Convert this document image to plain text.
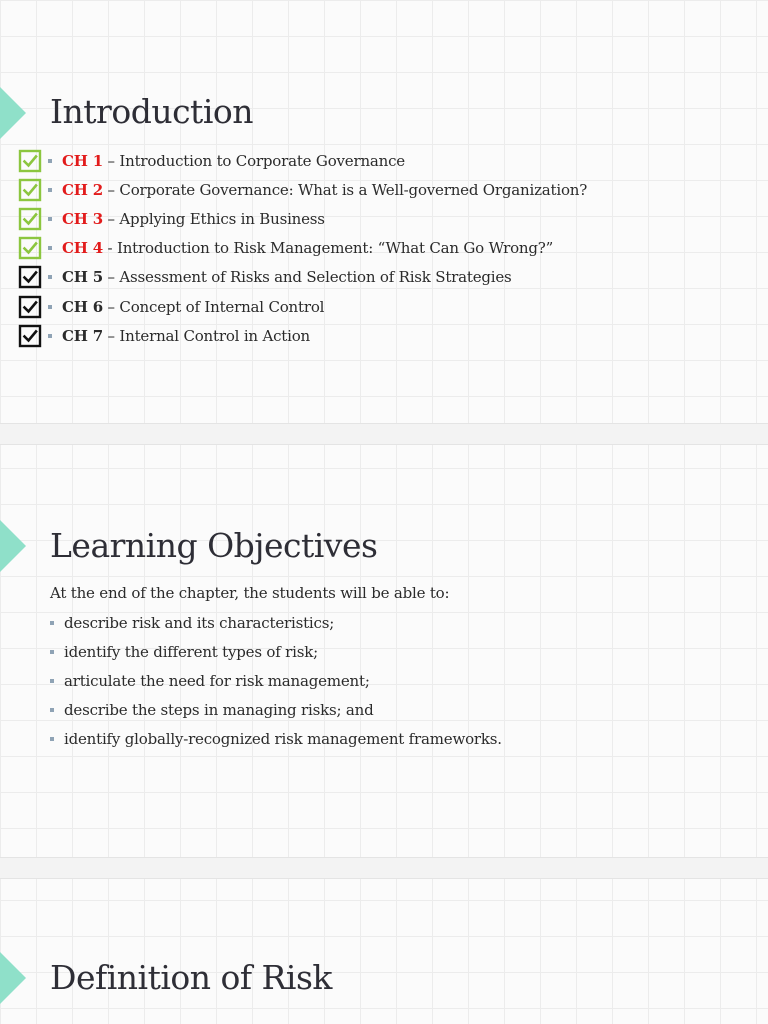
Introduction
CH 1 – Introduction to Corporate Governance
CH 2 – Corporate Governance: What is a Well-governed Organization?
CH 3 – Applying Ethics in Business
CH 4 - Introduction to Risk Management: “What Can Go Wrong?”
CH 5 – Assessment of Risks and Selection of Risk Strategies
CH 6 – Concept of Internal Control
CH 7 – Internal Control in Action
Learning Objectives
At the end of the chapter, the students will be able to:
describe risk and its characteristics;
identify the different types of risk;
articulate the need for risk management;
describe the steps in managing risks; and
identify globally-recognized risk management frameworks.
Definition of Risk
